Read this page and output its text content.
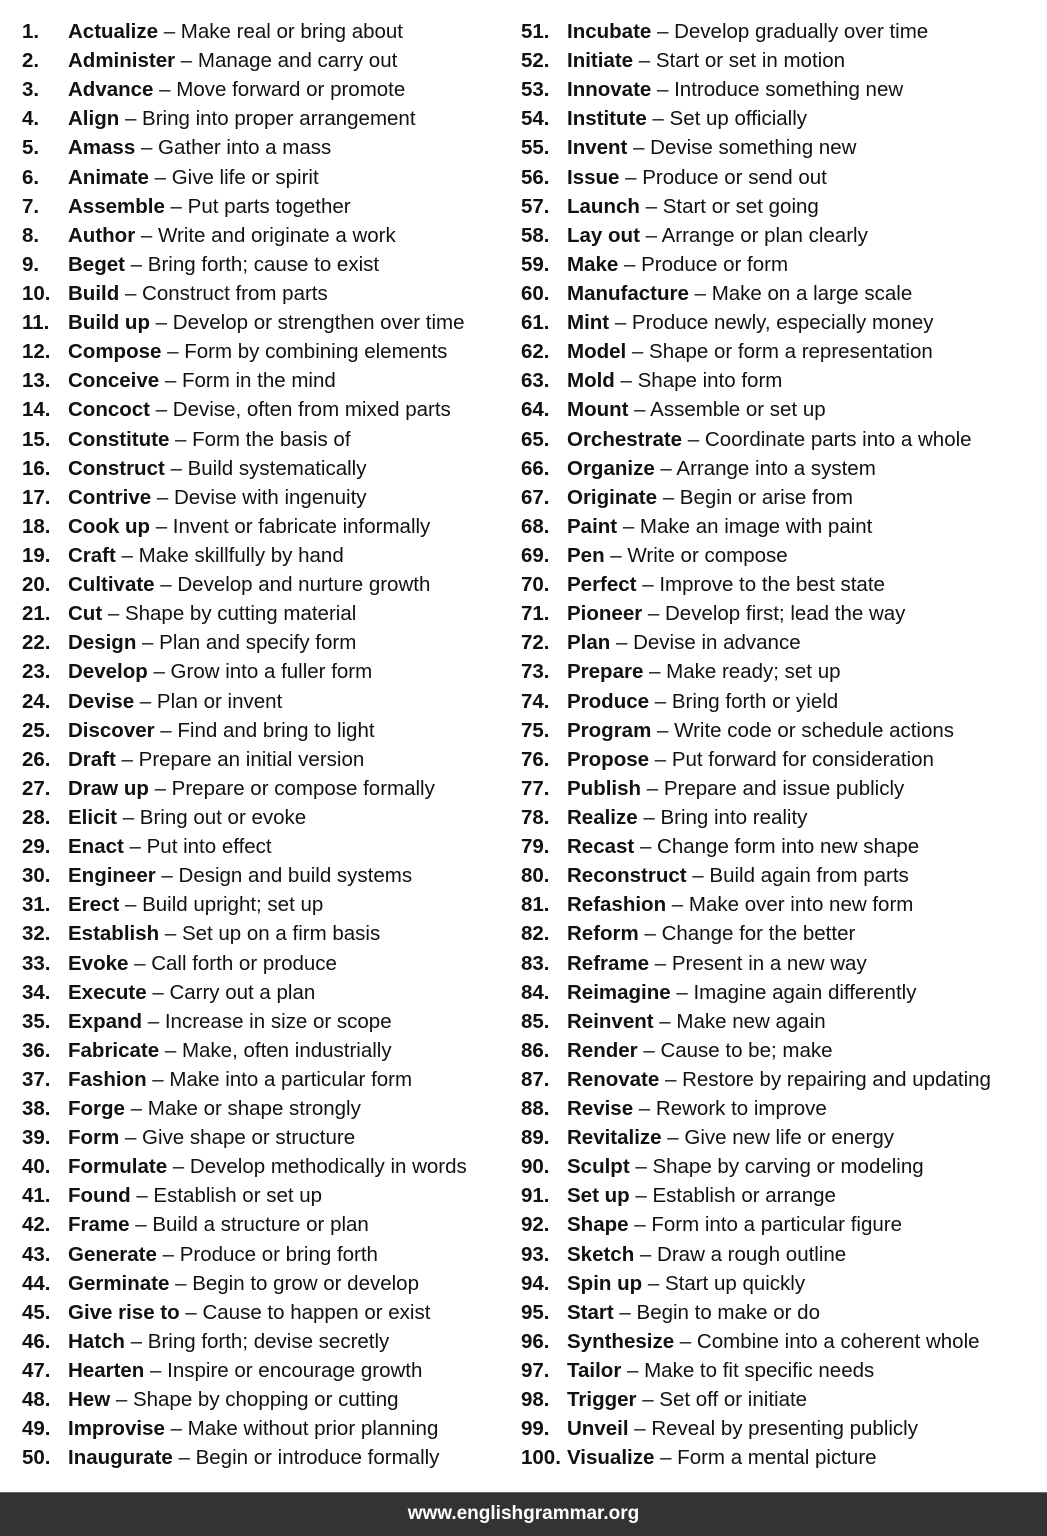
1. Actualize – Make real or bring about
2. Administer – Manage and carry out
3. Advance – Move forward or promote
4. Align – Bring into proper arrangement
5. Amass – Gather into a mass
6. Animate – Give life or spirit
7. Assemble – Put parts together
8. Author – Write and originate a work
9. Beget – Bring forth; cause to exist
10. Build – Construct from parts
11. Build up – Develop or strengthen over time
12. Compose – Form by combining elements
13. Conceive – Form in the mind
14. Concoct – Devise, often from mixed parts
15. Constitute – Form the basis of
16. Construct – Build systematically
17. Contrive – Devise with ingenuity
18. Cook up – Invent or fabricate informally
19. Craft – Make skillfully by hand
20. Cultivate – Develop and nurture growth
21. Cut – Shape by cutting material
22. Design – Plan and specify form
23. Develop – Grow into a fuller form
24. Devise – Plan or invent
25. Discover – Find and bring to light
26. Draft – Prepare an initial version
27. Draw up – Prepare or compose formally
28. Elicit – Bring out or evoke
29. Enact – Put into effect
30. Engineer – Design and build systems
31. Erect – Build upright; set up
32. Establish – Set up on a firm basis
33. Evoke – Call forth or produce
34. Execute – Carry out a plan
35. Expand – Increase in size or scope
36. Fabricate – Make, often industrially
37. Fashion – Make into a particular form
38. Forge – Make or shape strongly
39. Form – Give shape or structure
40. Formulate – Develop methodically in words
41. Found – Establish or set up
42. Frame – Build a structure or plan
43. Generate – Produce or bring forth
44. Germinate – Begin to grow or develop
45. Give rise to – Cause to happen or exist
46. Hatch – Bring forth; devise secretly
47. Hearten – Inspire or encourage growth
48. Hew – Shape by chopping or cutting
49. Improvise – Make without prior planning
50. Inaugurate – Begin or introduce formally
51. Incubate – Develop gradually over time
52. Initiate – Start or set in motion
53. Innovate – Introduce something new
54. Institute – Set up officially
55. Invent – Devise something new
56. Issue – Produce or send out
57. Launch – Start or set going
58. Lay out – Arrange or plan clearly
59. Make – Produce or form
60. Manufacture – Make on a large scale
61. Mint – Produce newly, especially money
62. Model – Shape or form a representation
63. Mold – Shape into form
64. Mount – Assemble or set up
65. Orchestrate – Coordinate parts into a whole
66. Organize – Arrange into a system
67. Originate – Begin or arise from
68. Paint – Make an image with paint
69. Pen – Write or compose
70. Perfect – Improve to the best state
71. Pioneer – Develop first; lead the way
72. Plan – Devise in advance
73. Prepare – Make ready; set up
74. Produce – Bring forth or yield
75. Program – Write code or schedule actions
76. Propose – Put forward for consideration
77. Publish – Prepare and issue publicly
78. Realize – Bring into reality
79. Recast – Change form into new shape
80. Reconstruct – Build again from parts
81. Refashion – Make over into new form
82. Reform – Change for the better
83. Reframe – Present in a new way
84. Reimagine – Imagine again differently
85. Reinvent – Make new again
86. Render – Cause to be; make
87. Renovate – Restore by repairing and updating
88. Revise – Rework to improve
89. Revitalize – Give new life or energy
90. Sculpt – Shape by carving or modeling
91. Set up – Establish or arrange
92. Shape – Form into a particular figure
93. Sketch – Draw a rough outline
94. Spin up – Start up quickly
95. Start – Begin to make or do
96. Synthesize – Combine into a coherent whole
97. Tailor – Make to fit specific needs
98. Trigger – Set off or initiate
99. Unveil – Reveal by presenting publicly
100. Visualize – Form a mental picture
www.englishgrammar.org
